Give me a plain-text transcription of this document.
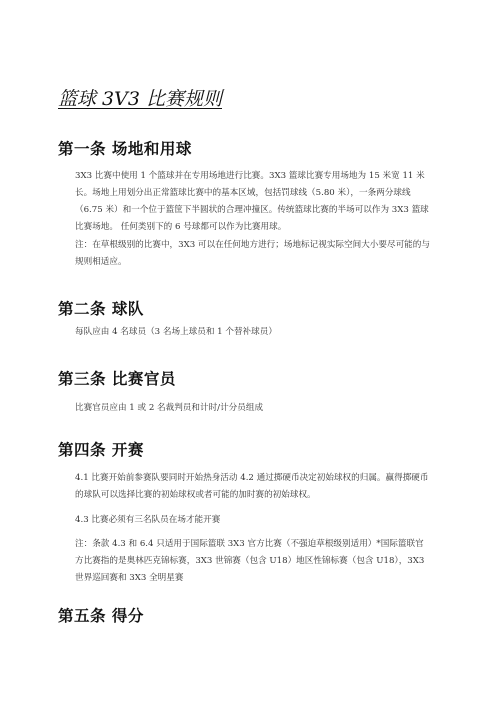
篮球 3V3 比赛规则
第一条 场地和用球

3X3 比赛中使用 1 个篮球并在专用场地进行比赛。3X3 篮球比赛专用场地为 15 米宽 11 米长。场地上用划分出正常篮球比赛中的基本区域，包括罚球线（5.80 米），一条两分球线（6.75 米）和一个位于篮筐下半圆状的合理冲撞区。传统篮球比赛的半场可以作为 3X3 篮球比赛场地。 任何类别下的 6 号球都可以作为比赛用球。

注：在草根级别的比赛中，3X3 可以在任何地方进行；场地标记视实际空间大小要尽可能的与规则相适应。

第二条 球队

每队应由 4 名球员（3 名场上球员和 1 个替补球员）

第三条 比赛官员

比赛官员应由 1 或 2 名裁判员和计时/计分员组成

第四条 开赛

4.1 比赛开始前参赛队要同时开始热身活动 4.2 通过掷硬币决定初始球权的归属。赢得掷硬币的球队可以选择比赛的初始球权或者可能的加时赛的初始球权。

4.3 比赛必须有三名队员在场才能开赛

注：条款 4.3 和 6.4 只适用于国际篮联 3X3 官方比赛（不强迫草根级别适用）*国际篮联官方比赛指的是奥林匹克锦标赛，3X3 世锦赛（包含 U18）地区性锦标赛（包含 U18），3X3 世界巡回赛和 3X3 全明星赛

第五条 得分
